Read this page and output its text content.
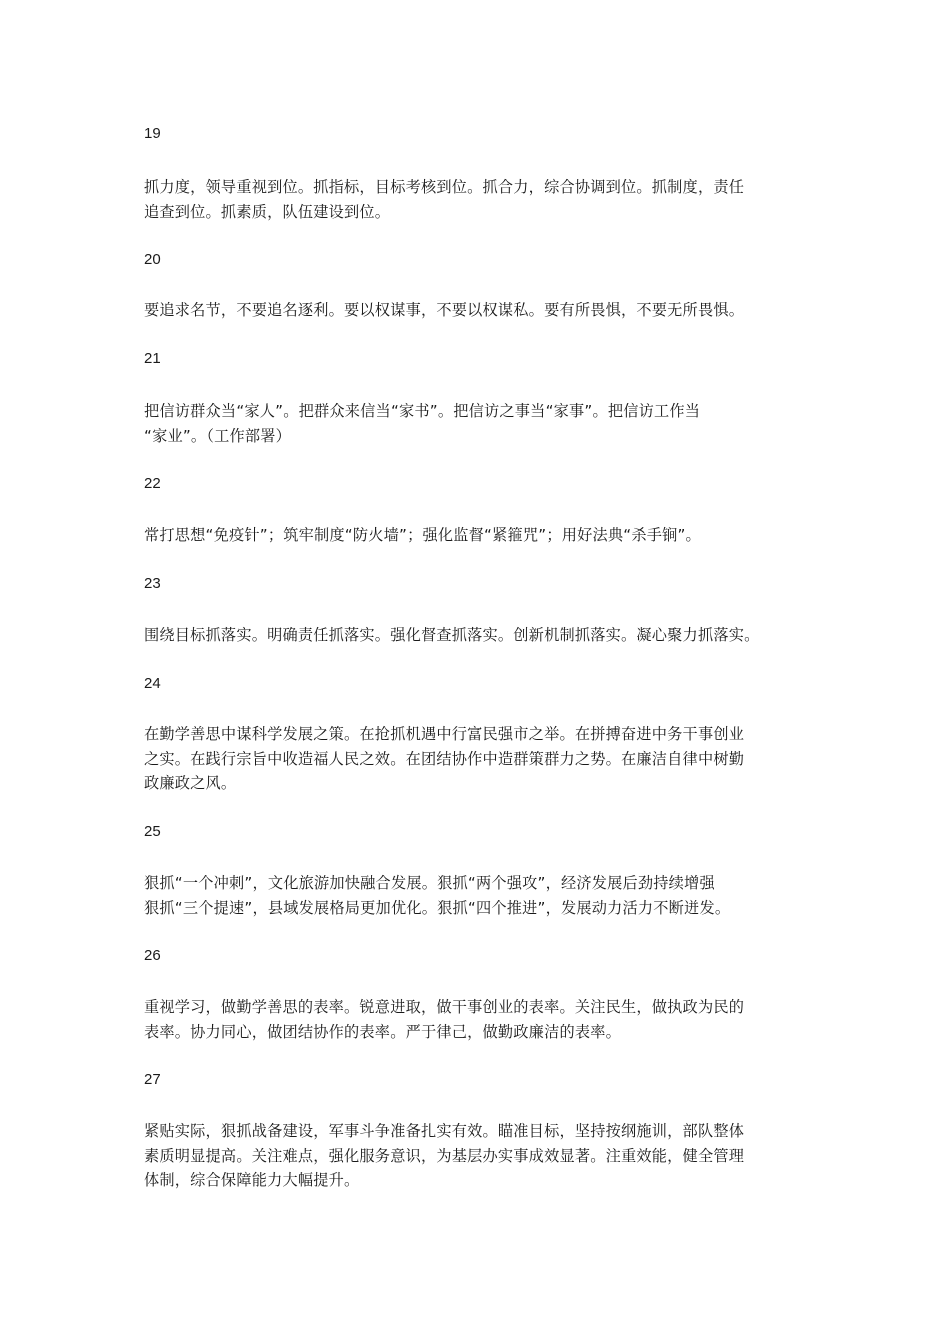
19
抓力度，领导重视到位。抓指标，目标考核到位。抓合力，综合协调到位。抓制度，责任
追查到位。抓素质，队伍建设到位。
20
要追求名节，不要追名逐利。要以权谋事，不要以权谋私。要有所畏惧，不要无所畏惧。
21
把信访群众当“家人”。把群众来信当“家书”。把信访之事当“家事”。把信访工作当
“家业”。（工作部署）
22
常打思想“免疫针”；筑牢制度“防火墙”；强化监督“紧箍咒”；用好法典“杀手锏”。
23
围绕目标抓落实。明确责任抓落实。强化督查抓落实。创新机制抓落实。凝心聚力抓落实。
24
在勤学善思中谋科学发展之策。在抢抓机遇中行富民强市之举。在拼搏奋进中务干事创业
之实。在践行宗旨中收造福人民之效。在团结协作中造群策群力之势。在廉洁自律中树勤
政廉政之风。
25
狠抓“一个冲刺”，文化旅游加快融合发展。狠抓“两个强攻”，经济发展后劲持续增强
狠抓“三个提速”，县域发展格局更加优化。狠抓“四个推进”，发展动力活力不断迸发。
26
重视学习，做勤学善思的表率。锐意进取，做干事创业的表率。关注民生，做执政为民的
表率。协力同心，做团结协作的表率。严于律己，做勤政廉洁的表率。
27
紧贴实际，狠抓战备建设，军事斗争准备扎实有效。瞄准目标，坚持按纲施训，部队整体
素质明显提高。关注难点，强化服务意识，为基层办实事成效显著。注重效能，健全管理
体制，综合保障能力大幅提升。
